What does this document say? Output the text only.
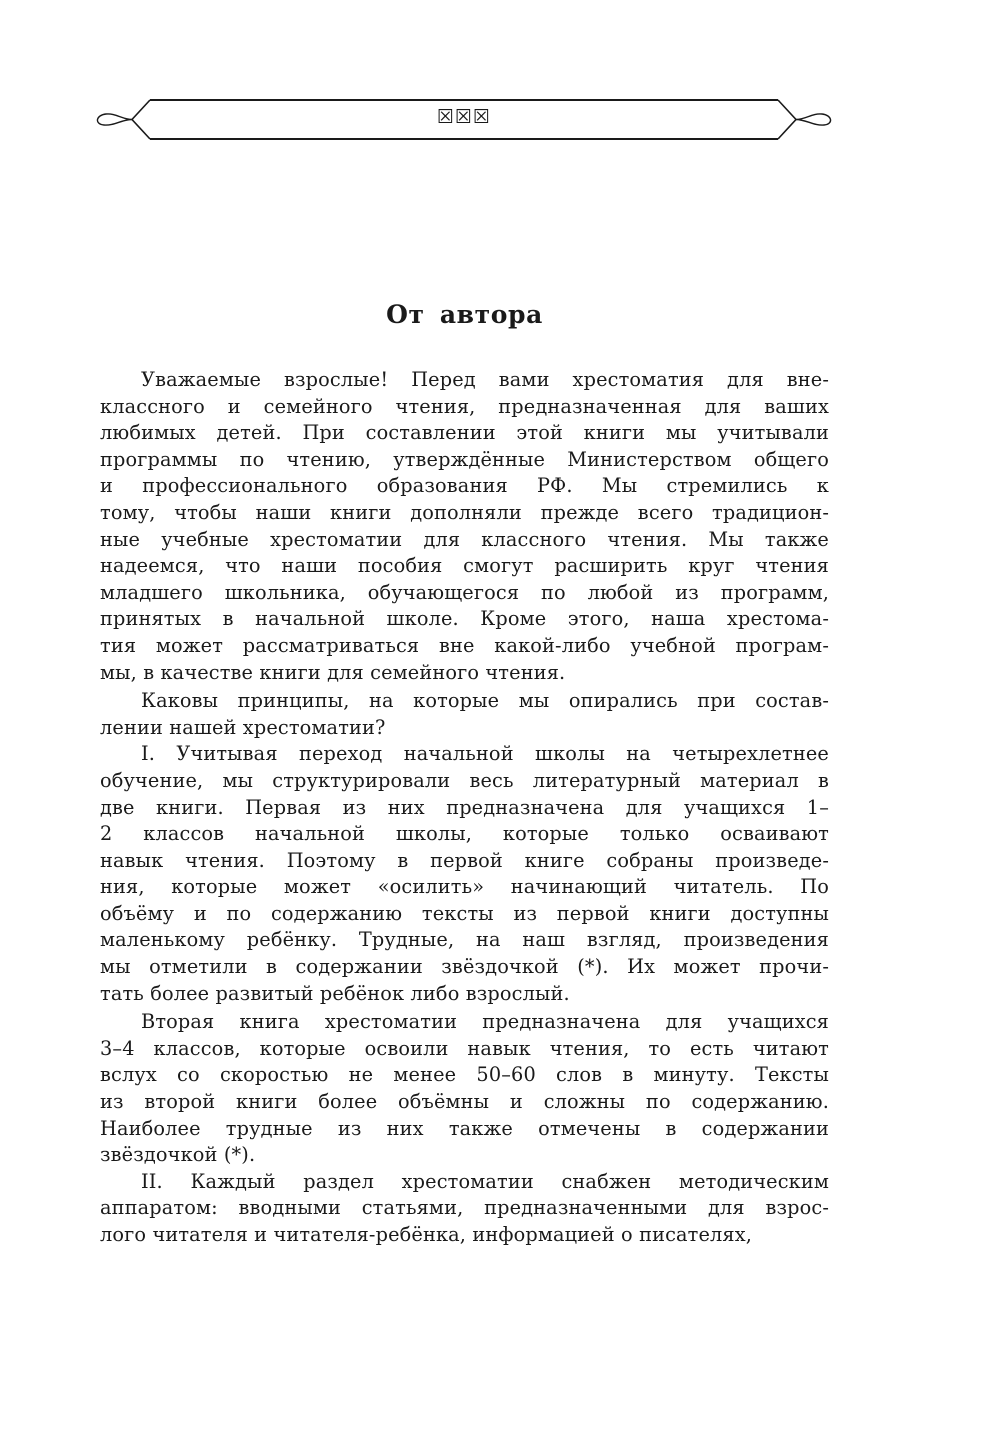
☒☒☒
От автора
Уважаемые взрослые! Перед вами хрестоматия для вне-
классного и семейного чтения, предназначенная для ваших
любимых детей. При составлении этой книги мы учитывали
программы по чтению, утверждённые Министерством общего
и профессионального образования РФ. Мы стремились к
тому, чтобы наши книги дополняли прежде всего традицион-
ные учебные хрестоматии для классного чтения. Мы также
надеемся, что наши пособия смогут расширить круг чтения
младшего школьника, обучающегося по любой из программ,
принятых в начальной школе. Кроме этого, наша хрестома-
тия может рассматриваться вне какой-либо учебной програм-
мы, в качестве книги для семейного чтения.
Каковы принципы, на которые мы опирались при состав-
лении нашей хрестоматии?
I. Учитывая переход начальной школы на четырехлетнее
обучение, мы структурировали весь литературный материал в
две книги. Первая из них предназначена для учащихся 1–
2 классов начальной школы, которые только осваивают
навык чтения. Поэтому в первой книге собраны произведе-
ния, которые может «осилить» начинающий читатель. По
объёму и по содержанию тексты из первой книги доступны
маленькому ребёнку. Трудные, на наш взгляд, произведения
мы отметили в содержании звёздочкой (*). Их может прочи-
тать более развитый ребёнок либо взрослый.
Вторая книга хрестоматии предназначена для учащихся
3–4 классов, которые освоили навык чтения, то есть читают
вслух со скоростью не менее 50–60 слов в минуту. Тексты
из второй книги более объёмны и сложны по содержанию.
Наиболее трудные из них также отмечены в содержании
звёздочкой (*).
II. Каждый раздел хрестоматии снабжен методическим
аппаратом: вводными статьями, предназначенными для взрос-
лого читателя и читателя-ребёнка, информацией о писателях,
